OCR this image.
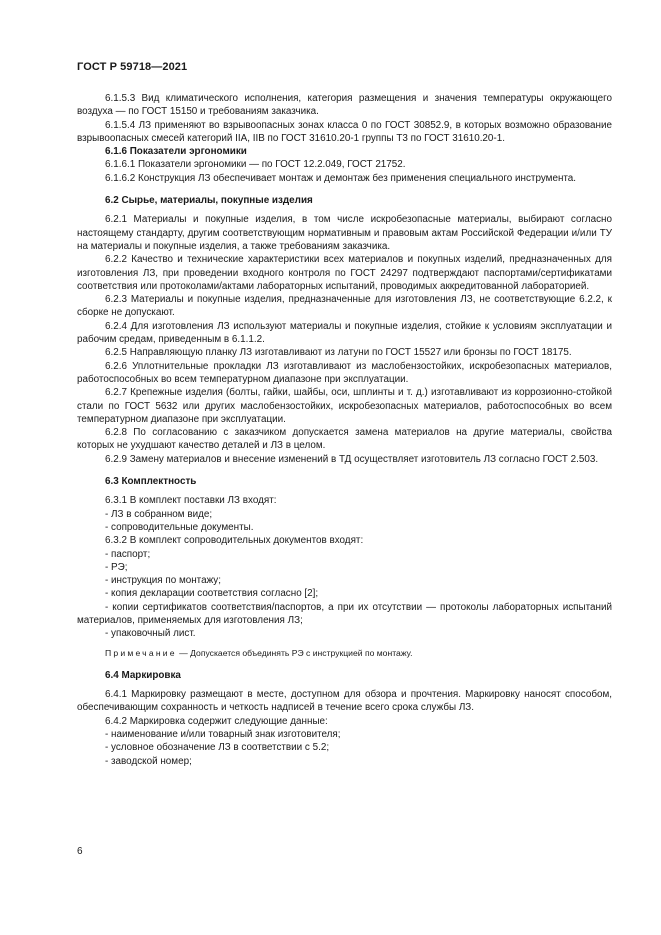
ГОСТ Р 59718—2021

6.1.5.3 Вид климатического исполнения, категория размещения и значения температуры окружающего воздуха — по ГОСТ 15150 и требованиям заказчика.

6.1.5.4 ЛЗ применяют во взрывоопасных зонах класса 0 по ГОСТ 30852.9, в которых возможно образование взрывоопасных смесей категорий IIA, IIB по ГОСТ 31610.20-1 группы Т3 по ГОСТ 31610.20-1.

6.1.6 Показатели эргономики

6.1.6.1 Показатели эргономики — по ГОСТ 12.2.049, ГОСТ 21752.

6.1.6.2 Конструкция ЛЗ обеспечивает монтаж и демонтаж без применения специального инструмента.

6.2 Сырье, материалы, покупные изделия

6.2.1 Материалы и покупные изделия, в том числе искробезопасные материалы, выбирают согласно настоящему стандарту, другим соответствующим нормативным и правовым актам Российской Федерации и/или ТУ на материалы и покупные изделия, а также требованиям заказчика.

6.2.2 Качество и технические характеристики всех материалов и покупных изделий, предназначенных для изготовления ЛЗ, при проведении входного контроля по ГОСТ 24297 подтверждают паспортами/сертификатами соответствия или протоколами/актами лабораторных испытаний, проводимых аккредитованной лабораторией.

6.2.3 Материалы и покупные изделия, предназначенные для изготовления ЛЗ, не соответствующие 6.2.2, к сборке не допускают.

6.2.4 Для изготовления ЛЗ используют материалы и покупные изделия, стойкие к условиям эксплуатации и рабочим средам, приведенным в 6.1.1.2.

6.2.5 Направляющую планку ЛЗ изготавливают из латуни по ГОСТ 15527 или бронзы по ГОСТ 18175.

6.2.6 Уплотнительные прокладки ЛЗ изготавливают из маслобензостойких, искробезопасных материалов, работоспособных во всем температурном диапазоне при эксплуатации.

6.2.7 Крепежные изделия (болты, гайки, шайбы, оси, шплинты и т. д.) изготавливают из коррозионно-стойкой стали по ГОСТ 5632 или других маслобензостойких, искробезопасных материалов, работоспособных во всем температурном диапазоне при эксплуатации.

6.2.8 По согласованию с заказчиком допускается замена материалов на другие материалы, свойства которых не ухудшают качество деталей и ЛЗ в целом.

6.2.9 Замену материалов и внесение изменений в ТД осуществляет изготовитель ЛЗ согласно ГОСТ 2.503.

6.3 Комплектность

6.3.1 В комплект поставки ЛЗ входят:

- ЛЗ в собранном виде;

- сопроводительные документы.

6.3.2 В комплект сопроводительных документов входят:

- паспорт;

- РЭ;

- инструкция по монтажу;

- копия декларации соответствия согласно [2];

- копии сертификатов соответствия/паспортов, а при их отсутствии — протоколы лабораторных испытаний материалов, применяемых для изготовления ЛЗ;

- упаковочный лист.

Примечание — Допускается объединять РЭ с инструкцией по монтажу.

6.4 Маркировка

6.4.1 Маркировку размещают в месте, доступном для обзора и прочтения. Маркировку наносят способом, обеспечивающим сохранность и четкость надписей в течение всего срока службы ЛЗ.

6.4.2 Маркировка содержит следующие данные:

- наименование и/или товарный знак изготовителя;

- условное обозначение ЛЗ в соответствии с 5.2;

- заводской номер;

6
